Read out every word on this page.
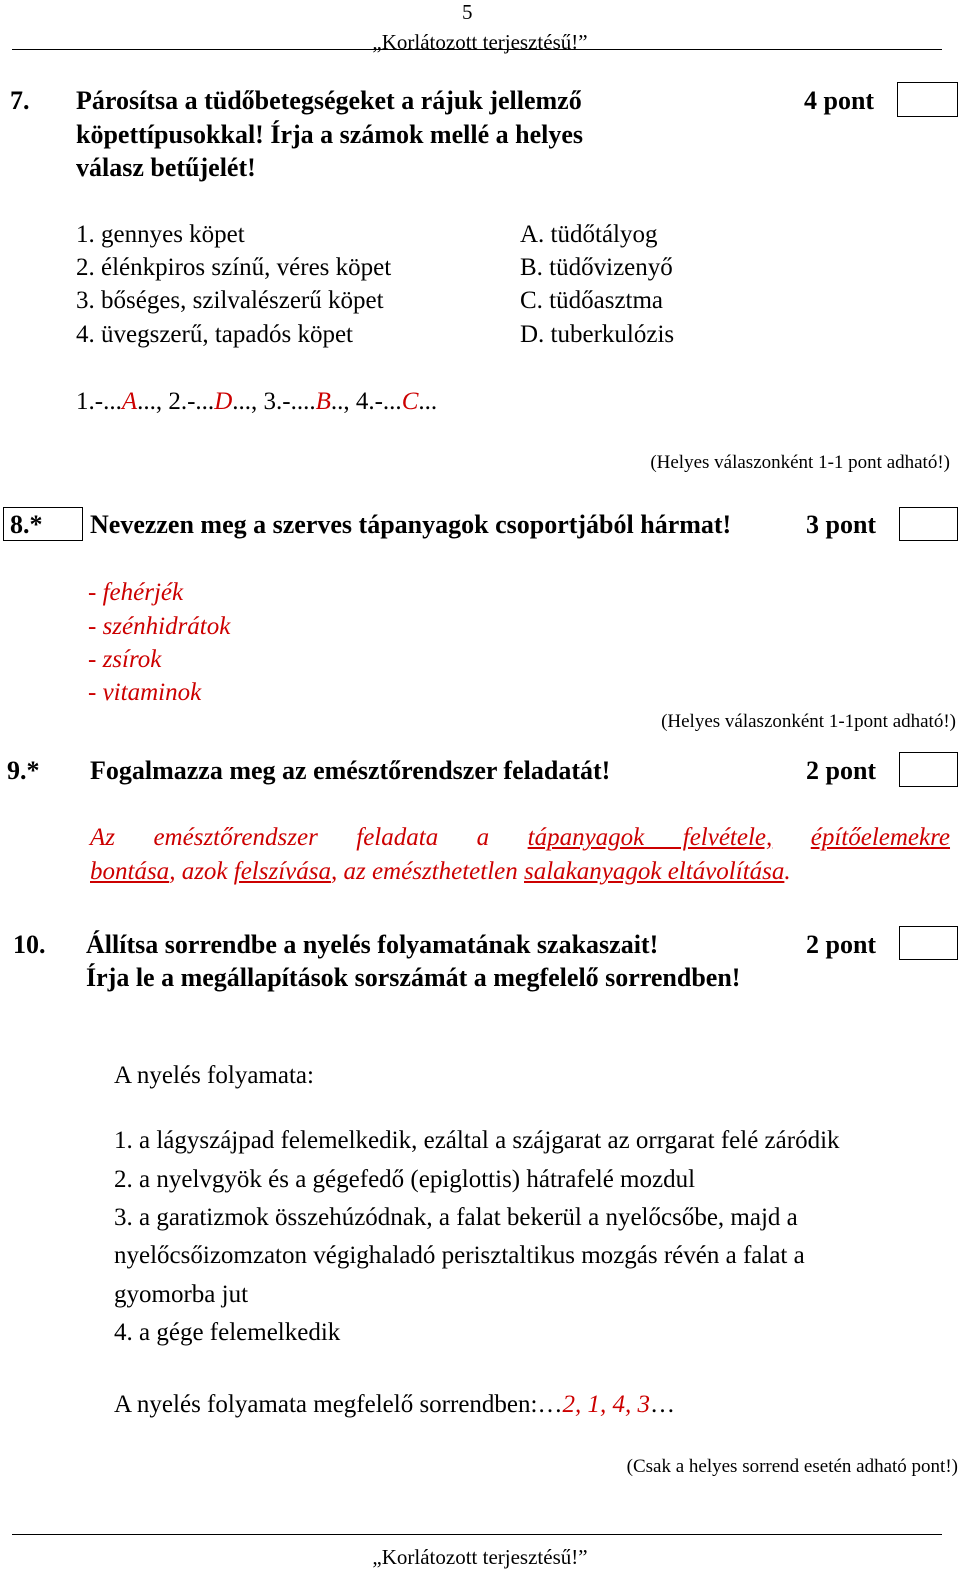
5
„Korlátozott terjesztésű!”
7. Párosítsa a tüdőbetegségeket a rájuk jellemző
köpettípusokkal! Írja a számok mellé a helyes
válasz betűjelét!
4 pont
1. gennyes köpet
2. élénkpiros színű, véres köpet
3. bőséges, szilvalészerű köpet
4. üvegszerű, tapadós köpet
A. tüdőtályog
B. tüdővizenyő
C. tüdőasztma
D. tuberkulózis
1.-...A..., 2.-...D..., 3.-....B.., 4.-...C...
(Helyes válaszonként 1-1 pont adható!)
8.* Nevezzen meg a szerves tápanyagok csoportjából hármat!	3 pont
- fehérjék
- szénhidrátok
- zsírok
- vitaminok
(Helyes válaszonként 1-1pont adható!)
9.* Fogalmazza meg az emésztőrendszer feladatát!	2 pont
Az emésztőrendszer feladata a tápanyagok felvétele, építőelemekre
bontása, azok felszívása, az emészthetetlen salakanyagok eltávolítása.
10. Állítsa sorrendbe a nyelés folyamatának szakaszait!
Írja le a megállapítások sorszámát a megfelelő sorrendben!
2 pont
A nyelés folyamata:
1. a lágyszájpad felemelkedik, ezáltal a szájgarat az orrgarat felé záródik
2. a nyelvgyök és a gégefedő (epiglottis) hátrafelé mozdul
3. a garatizmok összehúzódnak, a falat bekerül a nyelőcsőbe, majd a
nyelőcsőizomzaton végighaladó perisztaltikus mozgás révén a falat a
gyomorba jut
4. a gége felemelkedik
A nyelés folyamata megfelelő sorrendben:…2, 1, 4, 3…
(Csak a helyes sorrend esetén adható pont!)
„Korlátozott terjesztésű!”
